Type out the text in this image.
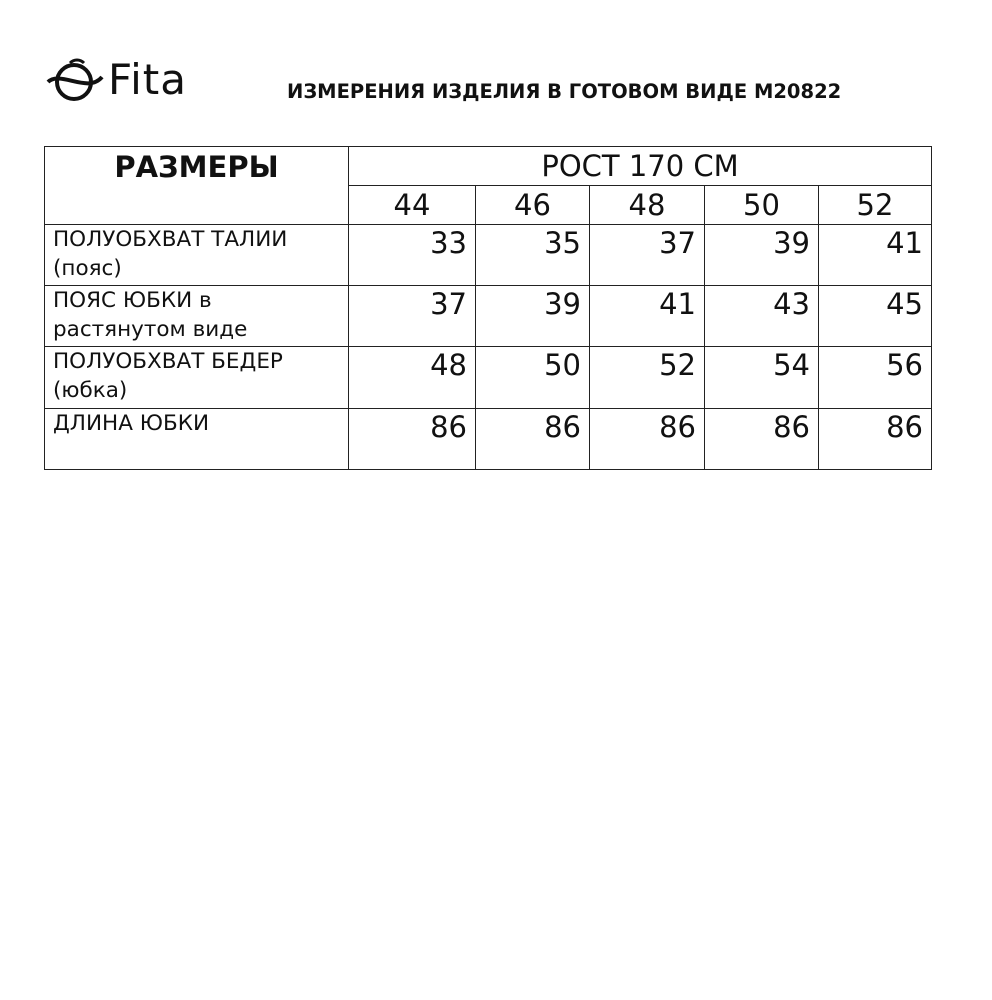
Fita	ИЗМЕРЕНИЯ ИЗДЕЛИЯ В ГОТОВОМ ВИДЕ M20822
РАЗМЕРЫ	РОСТ 170 СМ				
	44	46	48	50	52

ПОЛУОБХВАТ ТАЛИИ
(пояс)	33	35	37	39	41

ПОЯС ЮБКИ в
растянутом виде	37	39	41	43	45

ПОЛУОБХВАТ БЕДЕР
(юбка)	48	50	52	54	56

ДЛИНА ЮБКИ	86	86	86	86	86
